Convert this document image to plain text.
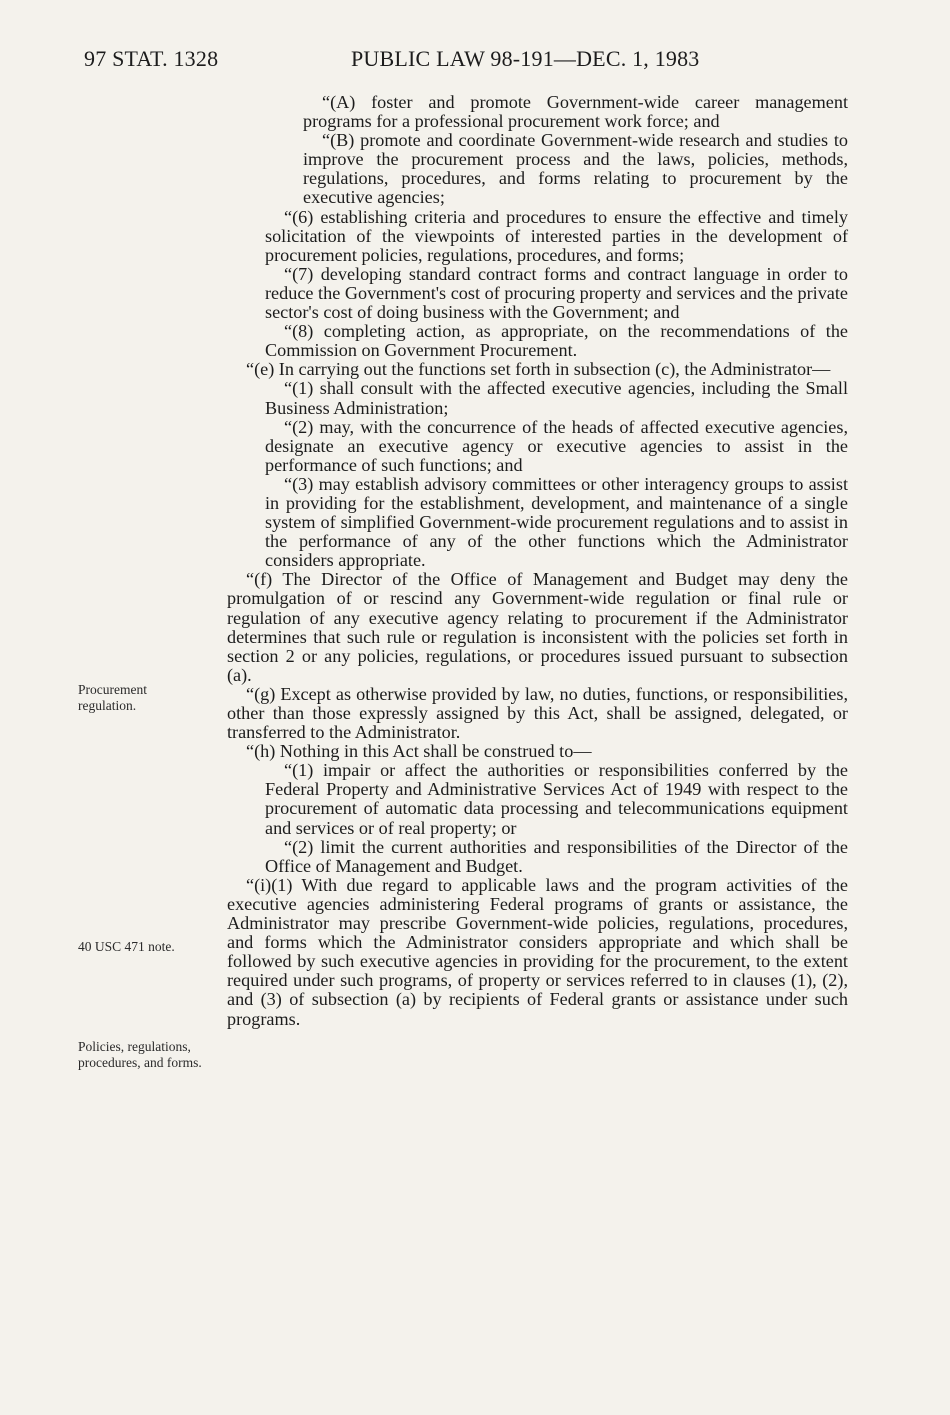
97 STAT. 1328	PUBLIC LAW 98-191—DEC. 1, 1983
Procurement regulation.
40 USC 471 note.
Policies, regulations, procedures, and forms.

“(A) foster and promote Government-wide career management programs for a professional procurement work force; and

“(B) promote and coordinate Government-wide research and studies to improve the procurement process and the laws, policies, methods, regulations, procedures, and forms relating to procurement by the executive agencies;

“(6) establishing criteria and procedures to ensure the effective and timely solicitation of the viewpoints of interested parties in the development of procurement policies, regulations, procedures, and forms;

“(7) developing standard contract forms and contract language in order to reduce the Government's cost of procuring property and services and the private sector's cost of doing business with the Government; and

“(8) completing action, as appropriate, on the recommendations of the Commission on Government Procurement.

“(e) In carrying out the functions set forth in subsection (c), the Administrator—

“(1) shall consult with the affected executive agencies, including the Small Business Administration;

“(2) may, with the concurrence of the heads of affected executive agencies, designate an executive agency or executive agencies to assist in the performance of such functions; and

“(3) may establish advisory committees or other interagency groups to assist in providing for the establishment, development, and maintenance of a single system of simplified Government-wide procurement regulations and to assist in the performance of any of the other functions which the Administrator considers appropriate.

“(f) The Director of the Office of Management and Budget may deny the promulgation of or rescind any Government-wide regulation or final rule or regulation of any executive agency relating to procurement if the Administrator determines that such rule or regulation is inconsistent with the policies set forth in section 2 or any policies, regulations, or procedures issued pursuant to subsection (a).

“(g) Except as otherwise provided by law, no duties, functions, or responsibilities, other than those expressly assigned by this Act, shall be assigned, delegated, or transferred to the Administrator.

“(h) Nothing in this Act shall be construed to—

“(1) impair or affect the authorities or responsibilities conferred by the Federal Property and Administrative Services Act of 1949 with respect to the procurement of automatic data processing and telecommunications equipment and services or of real property; or

“(2) limit the current authorities and responsibilities of the Director of the Office of Management and Budget.

“(i)(1) With due regard to applicable laws and the program activities of the executive agencies administering Federal programs of grants or assistance, the Administrator may prescribe Government-wide policies, regulations, procedures, and forms which the Administrator considers appropriate and which shall be followed by such executive agencies in providing for the procurement, to the extent required under such programs, of property or services referred to in clauses (1), (2), and (3) of subsection (a) by recipients of Federal grants or assistance under such programs.
